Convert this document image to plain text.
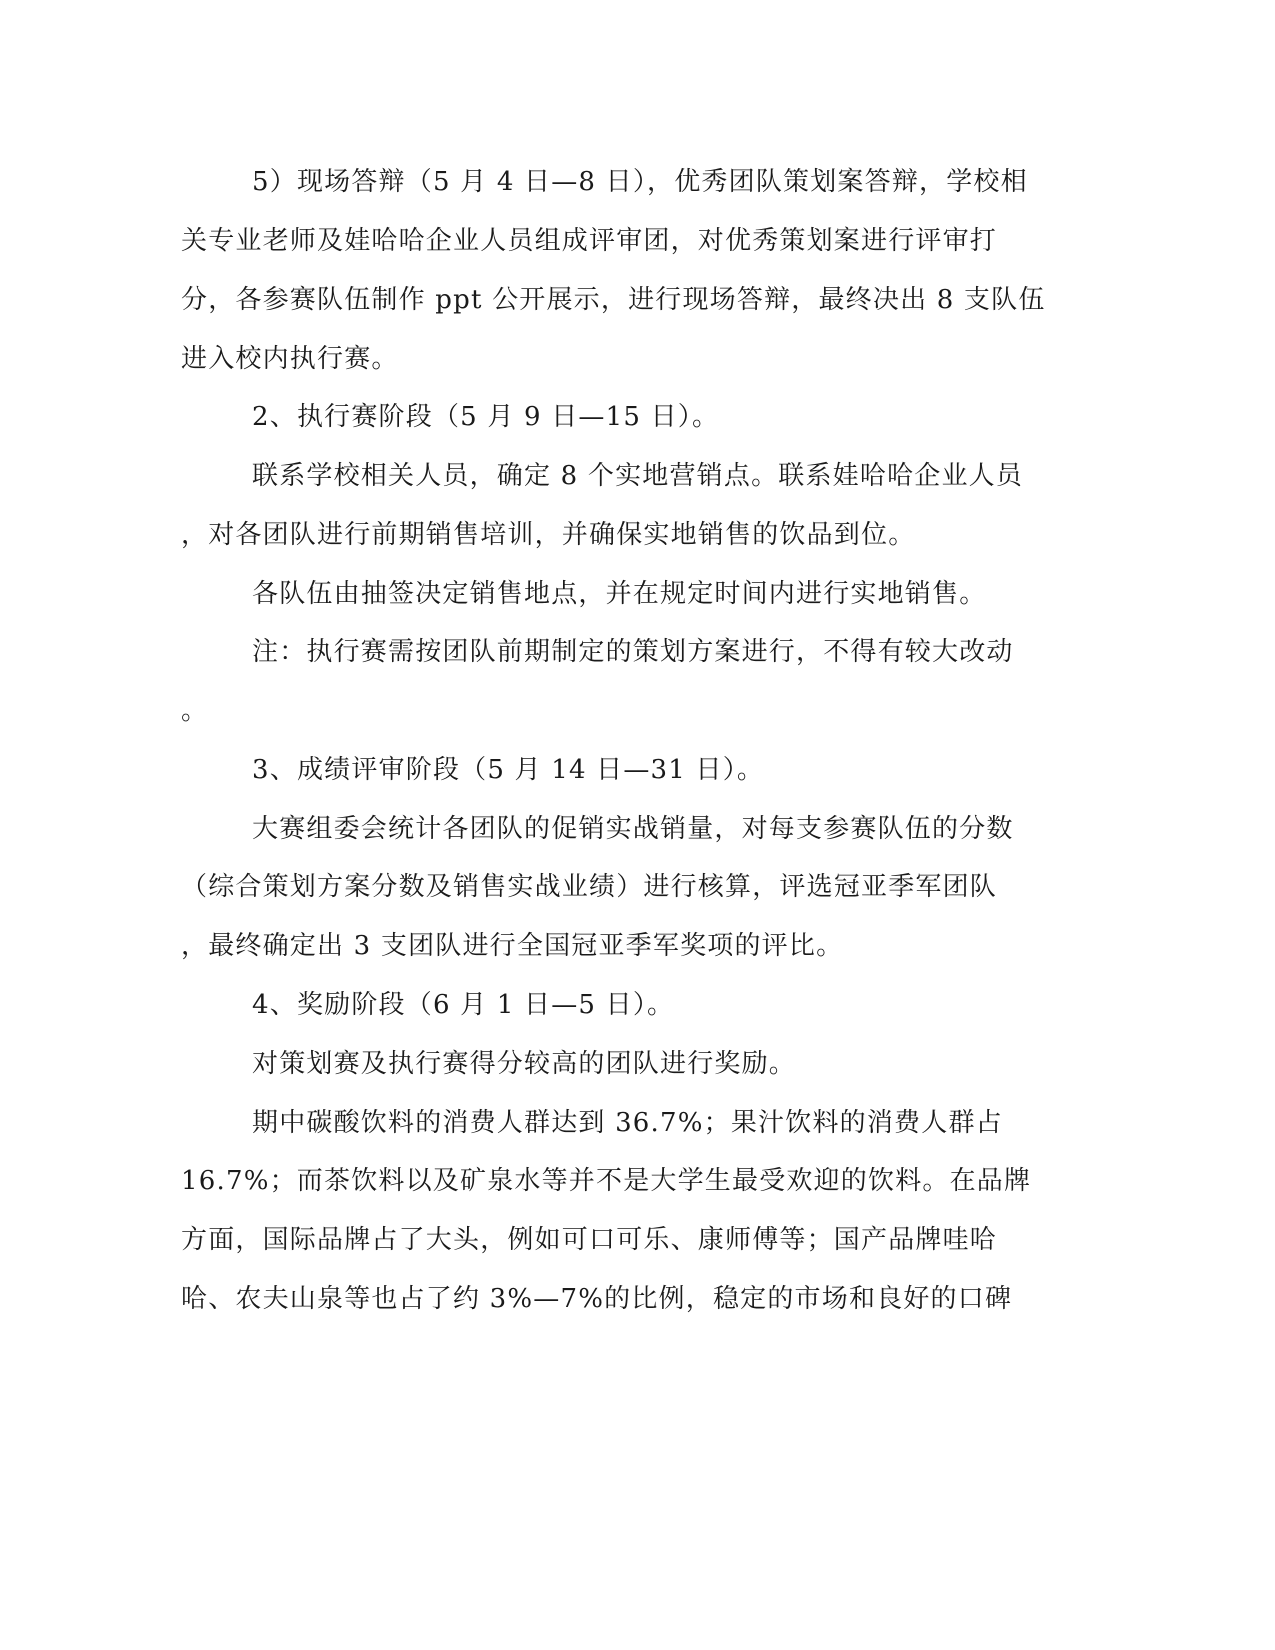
5）现场答辩（5 月 4 日—8 日），优秀团队策划案答辩，学校相
关专业老师及娃哈哈企业人员组成评审团，对优秀策划案进行评审打
分，各参赛队伍制作 ppt 公开展示，进行现场答辩，最终决出 8 支队伍
进入校内执行赛。
2、执行赛阶段（5 月 9 日—15 日）。
联系学校相关人员，确定 8 个实地营销点。联系娃哈哈企业人员
，对各团队进行前期销售培训，并确保实地销售的饮品到位。
各队伍由抽签决定销售地点，并在规定时间内进行实地销售。
注：执行赛需按团队前期制定的策划方案进行，不得有较大改动
。
3、成绩评审阶段（5 月 14 日—31 日）。
大赛组委会统计各团队的促销实战销量，对每支参赛队伍的分数
（综合策划方案分数及销售实战业绩）进行核算，评选冠亚季军团队
，最终确定出 3 支团队进行全国冠亚季军奖项的评比。
4、奖励阶段（6 月 1 日—5 日）。
对策划赛及执行赛得分较高的团队进行奖励。
期中碳酸饮料的消费人群达到 36.7%；果汁饮料的消费人群占
16.7%；而茶饮料以及矿泉水等并不是大学生最受欢迎的饮料。在品牌
方面，国际品牌占了大头，例如可口可乐、康师傅等；国产品牌哇哈
哈、农夫山泉等也占了约 3%—7%的比例，稳定的市场和良好的口碑
